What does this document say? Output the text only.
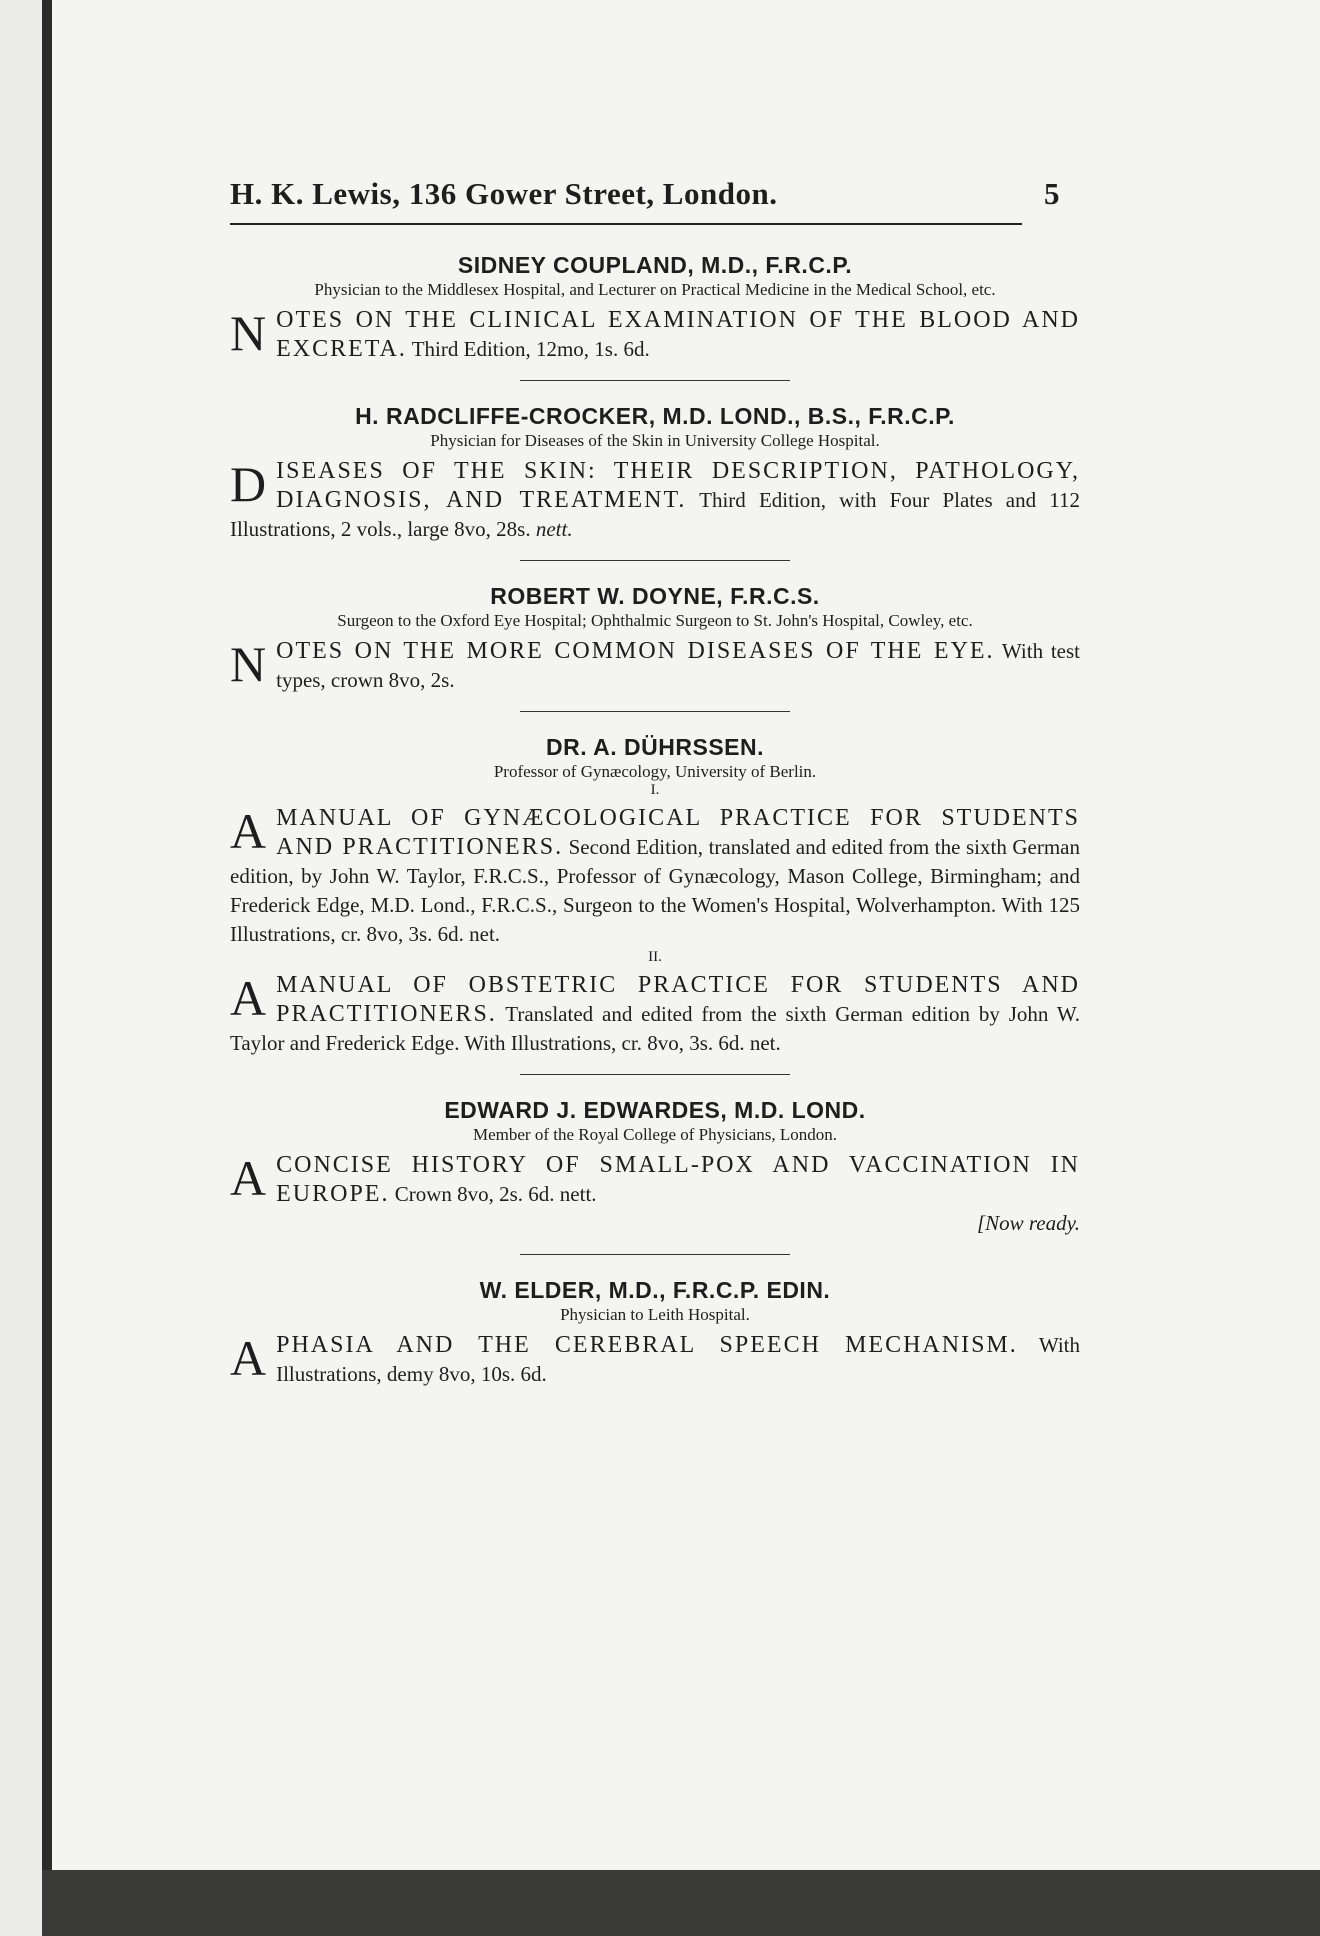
H. K. Lewis, 136 Gower Street, London.	5

SIDNEY COUPLAND, M.D., F.R.C.P.

Physician to the Middlesex Hospital, and Lecturer on Practical Medicine in the Medical School, etc.

NOTES ON THE CLINICAL EXAMINATION OF THE BLOOD AND EXCRETA. Third Edition, 12mo, 1s. 6d.

H. RADCLIFFE-CROCKER, M.D. LOND., B.S., F.R.C.P.

Physician for Diseases of the Skin in University College Hospital.

DISEASES OF THE SKIN: THEIR DESCRIPTION, PATHOLOGY, DIAGNOSIS, AND TREATMENT. Third Edition, with Four Plates and 112 Illustrations, 2 vols., large 8vo, 28s. nett.

ROBERT W. DOYNE, F.R.C.S.

Surgeon to the Oxford Eye Hospital; Ophthalmic Surgeon to St. John's Hospital, Cowley, etc.

NOTES ON THE MORE COMMON DISEASES OF THE EYE. With test types, crown 8vo, 2s.

DR. A. DÜHRSSEN.

Professor of Gynæcology, University of Berlin.

I.

A MANUAL OF GYNÆCOLOGICAL PRACTICE FOR STUDENTS AND PRACTITIONERS. Second Edition, translated and edited from the sixth German edition, by John W. Taylor, F.R.C.S., Professor of Gynæcology, Mason College, Birmingham; and Frederick Edge, M.D. Lond., F.R.C.S., Surgeon to the Women's Hospital, Wolverhampton. With 125 Illustrations, cr. 8vo, 3s. 6d. net.

II.

A MANUAL OF OBSTETRIC PRACTICE FOR STUDENTS AND PRACTITIONERS. Translated and edited from the sixth German edition by John W. Taylor and Frederick Edge. With Illustrations, cr. 8vo, 3s. 6d. net.

EDWARD J. EDWARDES, M.D. LOND.

Member of the Royal College of Physicians, London.

A CONCISE HISTORY OF SMALL-POX AND VACCINATION IN EUROPE. Crown 8vo, 2s. 6d. nett.

[Now ready.

W. ELDER, M.D., F.R.C.P. EDIN.

Physician to Leith Hospital.

APHASIA AND THE CEREBRAL SPEECH MECHANISM. With Illustrations, demy 8vo, 10s. 6d.
